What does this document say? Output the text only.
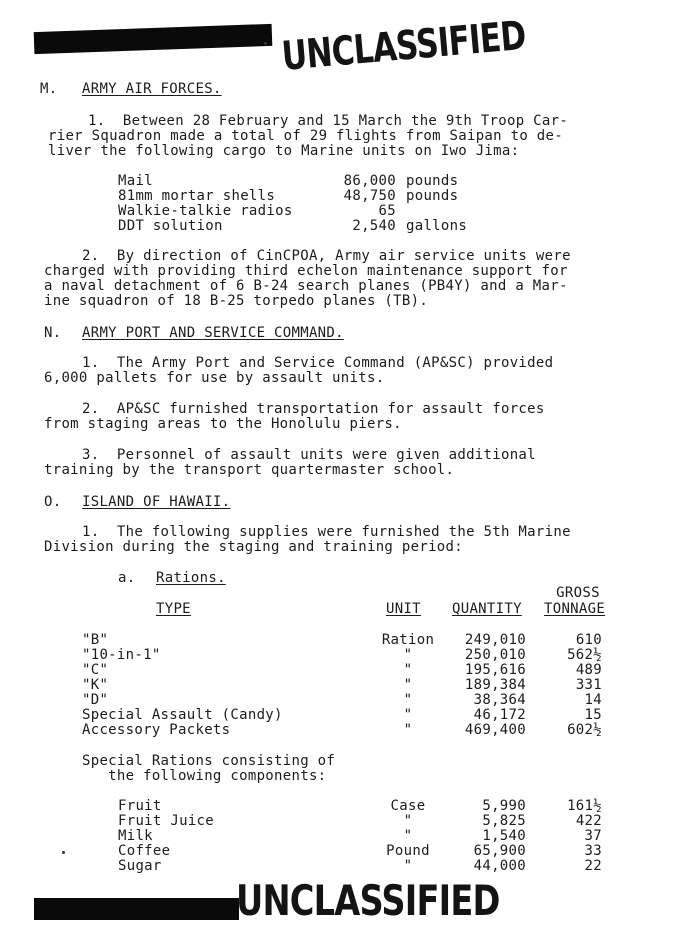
UNCLASSIFIED
UNCLASSIFIED
M. ARMY AIR FORCES.
1.  Between 28 February and 15 March the 9th Troop Car-
rier Squadron made a total of 29 flights from Saipan to de-
liver the following cargo to Marine units on Iwo Jima:
Mail	86,000 pounds
81mm mortar shells	48,750 pounds
Walkie-talkie radios	65
DDT solution	2,540 gallons
2.  By direction of CinCPOA, Army air service units were
charged with providing third echelon maintenance support for
a naval detachment of 6 B-24 search planes (PB4Y) and a Mar-
ine squadron of 18 B-25 torpedo planes (TB).
N. ARMY PORT AND SERVICE COMMAND.
1.  The Army Port and Service Command (AP&SC) provided
6,000 pallets for use by assault units.
2.  AP&SC furnished transportation for assault forces
from staging areas to the Honolulu piers.
3.  Personnel of assault units were given additional
training by the transport quartermaster school.
O. ISLAND OF HAWAII.
1.  The following supplies were furnished the 5th Marine
Division during the staging and training period:
a. Rations.
GROSS
TYPE	UNIT QUANTITY TONNAGE
"B"	Ration	249,010	610
"10-in-1"	"	250,010	562½
"C"	"	195,616	489
"K"	"	189,384	331
"D"	"	38,364	14
Special Assault (Candy)	"	46,172	15
Accessory Packets	"	469,400	602½
Special Rations consisting of
the following components:
Fruit	Case	5,990	161½
Fruit Juice	"	5,825	422
Milk	"	1,540	37
Coffee	Pound	65,900	33
Sugar	"	44,000	22
